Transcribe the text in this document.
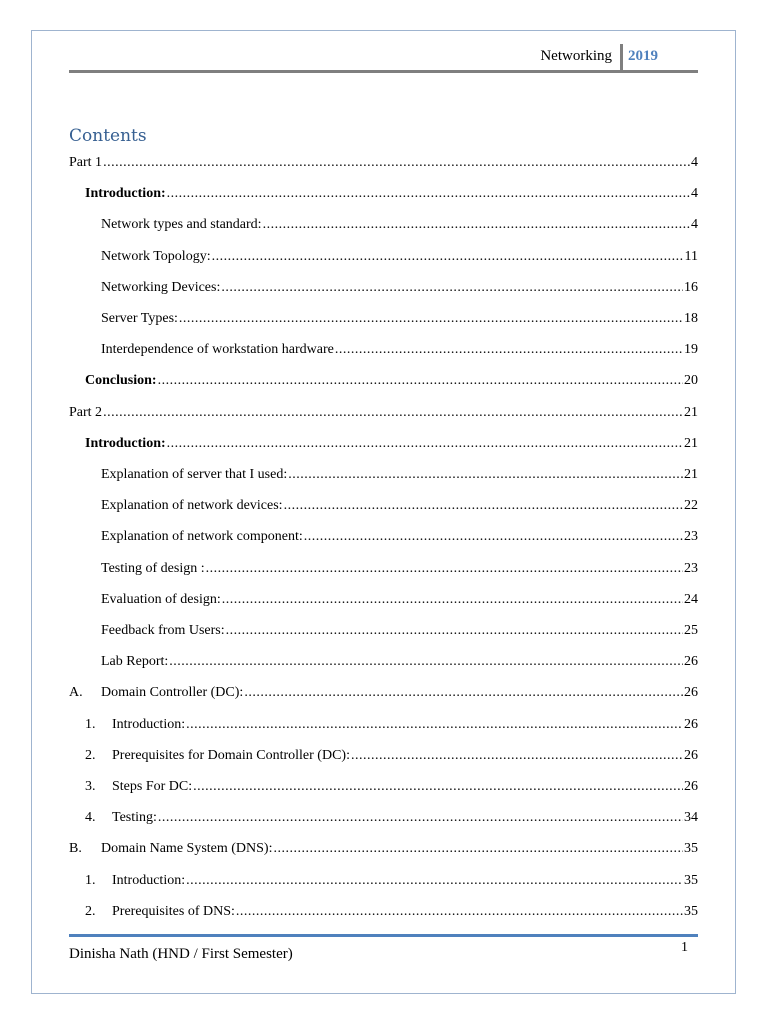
Networking 2019
Contents
Part 1 .....	4
Introduction: .....	4
Network types and standard: .....	4
Network Topology: .....	11
Networking Devices: .....	16
Server Types: .....	18
Interdependence of workstation hardware .....	19
Conclusion: .....	20
Part 2 .....	21
Introduction: .....	21
Explanation of server that I used: .....	21
Explanation of network devices: .....	22
Explanation of network component: .....	23
Testing of design : .....	23
Evaluation of design: .....	24
Feedback from Users: .....	25
Lab Report: .....	26
A.	Domain Controller (DC): .....	26
1.	Introduction: .....	26
2.	Prerequisites for Domain Controller (DC): .....	26
3.	Steps For DC: .....	26
4.	Testing: .....	34
B.	Domain Name System (DNS): .....	35
1.	Introduction: .....	35
2.	Prerequisites of DNS: .....	35
Dinisha Nath (HND / First Semester)	1
